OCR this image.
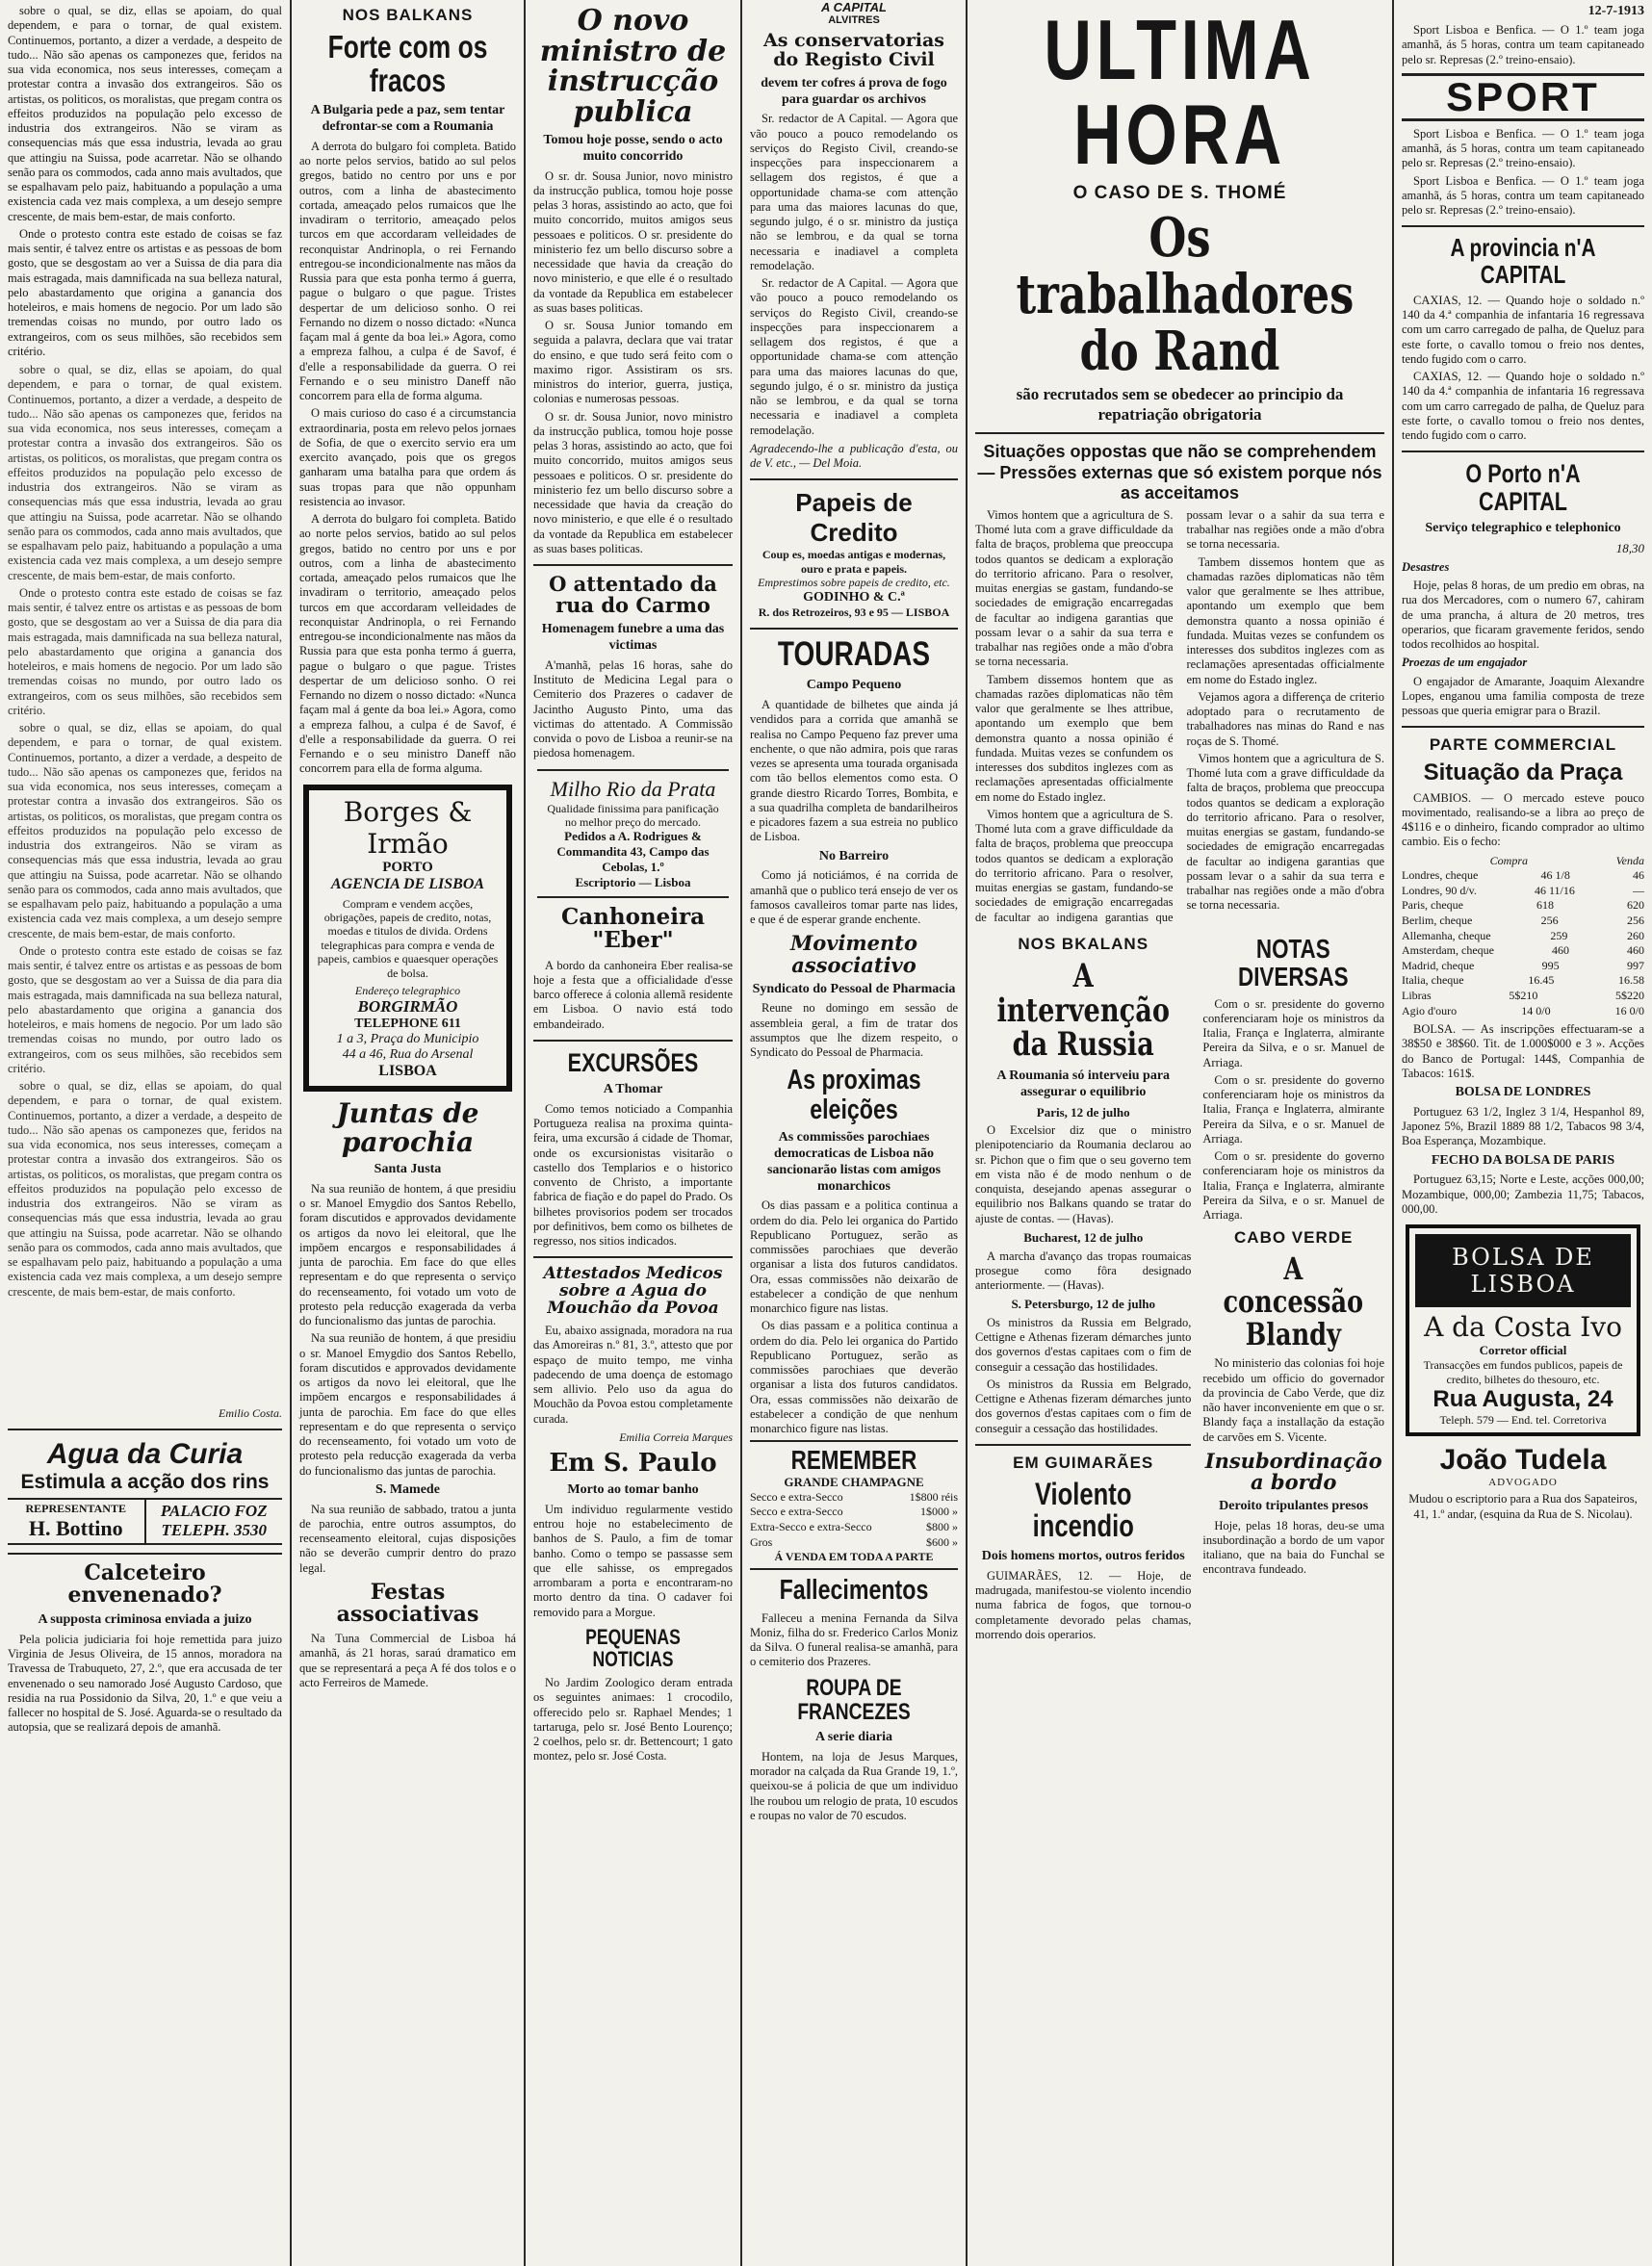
sobre o qual, se diz, ellas se apoiam, do qual dependem, e para o tornar, de qual existem. Continuemos, portanto, a dizer a verdade, a despeito de tudo... Não são apenas os camponezes que, feridos na sua vida economica, nos seus interesses, começam a protestar contra a invasão dos extrangeiros. São os artistas, os politicos, os moralistas, que pregam contra os effeitos produzidos na população pelo excesso de industria dos extrangeiros. Não se viram as consequencias más que essa industria, levada ao grau que attingiu na Suissa, pode acarretar. Não se olhando senão para os commodos, cada anno mais avultados, que se espalhavam pelo paiz, habituando a população a uma existencia cada vez mais complexa, a um desejo sempre crescente, de mais bem-estar, de mais conforto.

Onde o protesto contra este estado de coisas se faz mais sentir, é talvez entre os artistas e as pessoas de bom gosto, que se desgostam ao ver a Suissa de dia para dia mais estragada, mais damnificada na sua belleza natural, pelo abastardamento que origina a ganancia dos hoteleiros, e mais homens de negocio. Por um lado são tremendas coisas no mundo, por outro lado os extrangeiros, com os seus milhões, são recebidos sem critério.

sobre o qual, se diz, ellas se apoiam, do qual dependem, e para o tornar, de qual existem. Continuemos, portanto, a dizer a verdade, a despeito de tudo... Não são apenas os camponezes que, feridos na sua vida economica, nos seus interesses, começam a protestar contra a invasão dos extrangeiros. São os artistas, os politicos, os moralistas, que pregam contra os effeitos produzidos na população pelo excesso de industria dos extrangeiros. Não se viram as consequencias más que essa industria, levada ao grau que attingiu na Suissa, pode acarretar. Não se olhando senão para os commodos, cada anno mais avultados, que se espalhavam pelo paiz, habituando a população a uma existencia cada vez mais complexa, a um desejo sempre crescente, de mais bem-estar, de mais conforto.

Onde o protesto contra este estado de coisas se faz mais sentir, é talvez entre os artistas e as pessoas de bom gosto, que se desgostam ao ver a Suissa de dia para dia mais estragada, mais damnificada na sua belleza natural, pelo abastardamento que origina a ganancia dos hoteleiros, e mais homens de negocio. Por um lado são tremendas coisas no mundo, por outro lado os extrangeiros, com os seus milhões, são recebidos sem critério.

sobre o qual, se diz, ellas se apoiam, do qual dependem, e para o tornar, de qual existem. Continuemos, portanto, a dizer a verdade, a despeito de tudo... Não são apenas os camponezes que, feridos na sua vida economica, nos seus interesses, começam a protestar contra a invasão dos extrangeiros. São os artistas, os politicos, os moralistas, que pregam contra os effeitos produzidos na população pelo excesso de industria dos extrangeiros. Não se viram as consequencias más que essa industria, levada ao grau que attingiu na Suissa, pode acarretar. Não se olhando senão para os commodos, cada anno mais avultados, que se espalhavam pelo paiz, habituando a população a uma existencia cada vez mais complexa, a um desejo sempre crescente, de mais bem-estar, de mais conforto.

Onde o protesto contra este estado de coisas se faz mais sentir, é talvez entre os artistas e as pessoas de bom gosto, que se desgostam ao ver a Suissa de dia para dia mais estragada, mais damnificada na sua belleza natural, pelo abastardamento que origina a ganancia dos hoteleiros, e mais homens de negocio. Por um lado são tremendas coisas no mundo, por outro lado os extrangeiros, com os seus milhões, são recebidos sem critério.

sobre o qual, se diz, ellas se apoiam, do qual dependem, e para o tornar, de qual existem. Continuemos, portanto, a dizer a verdade, a despeito de tudo... Não são apenas os camponezes que, feridos na sua vida economica, nos seus interesses, começam a protestar contra a invasão dos extrangeiros. São os artistas, os politicos, os moralistas, que pregam contra os effeitos produzidos na população pelo excesso de industria dos extrangeiros. Não se viram as consequencias más que essa industria, levada ao grau que attingiu na Suissa, pode acarretar. Não se olhando senão para os commodos, cada anno mais avultados, que se espalhavam pelo paiz, habituando a população a uma existencia cada vez mais complexa, a um desejo sempre crescente, de mais bem-estar, de mais conforto.

Emilio Costa.
Agua da Curia
Estimula a acção dos rins
REPRESENTANTE
H. Bottino
PALACIO FOZ
TELEPH. 3530
Calceteiro envenenado?
A supposta criminosa enviada a juizo

Pela policia judiciaria foi hoje remettida para juizo Virginia de Jesus Oliveira, de 15 annos, moradora na Travessa de Trabuqueto, 27, 2.º, que era accusada de ter envenenado o seu namorado José Augusto Cardoso, que residia na rua Possidonio da Silva, 20, 1.º e que veiu a fallecer no hospital de S. José. Aguarda-se o resultado da autopsia, que se realizará depois de amanhã.

NOS BALKANS
Forte com os fracos
A Bulgaria pede a paz, sem tentar defrontar-se com a Roumania

A derrota do bulgaro foi completa. Batido ao norte pelos servios, batido ao sul pelos gregos, batido no centro por uns e por outros, com a linha de abastecimento cortada, ameaçado pelos rumaicos que lhe invadiram o territorio, ameaçado pelos turcos em que accordaram velleidades de reconquistar Andrinopla, o rei Fernando entregou-se incondicionalmente nas mãos da Russia para que esta ponha termo á guerra, pague o bulgaro o que pague. Tristes despertar de um delicioso sonho. O rei Fernando no dizem o nosso dictado: «Nunca façam mal á gente da boa lei.» Agora, como a empreza falhou, a culpa é de Savof, é d'elle a responsabilidade da guerra. O rei Fernando e o seu ministro Daneff não concorrem para ella de forma alguma.

O mais curioso do caso é a circumstancia extraordinaria, posta em relevo pelos jornaes de Sofia, de que o exercito servio era um exercito avançado, pois que os gregos ganharam uma batalha para que ordem ás suas tropas para que não oppunham resistencia ao invasor.

A derrota do bulgaro foi completa. Batido ao norte pelos servios, batido ao sul pelos gregos, batido no centro por uns e por outros, com a linha de abastecimento cortada, ameaçado pelos rumaicos que lhe invadiram o territorio, ameaçado pelos turcos em que accordaram velleidades de reconquistar Andrinopla, o rei Fernando entregou-se incondicionalmente nas mãos da Russia para que esta ponha termo á guerra, pague o bulgaro o que pague. Tristes despertar de um delicioso sonho. O rei Fernando no dizem o nosso dictado: «Nunca façam mal á gente da boa lei.» Agora, como a empreza falhou, a culpa é de Savof, é d'elle a responsabilidade da guerra. O rei Fernando e o seu ministro Daneff não concorrem para ella de forma alguma.

Borges & Irmão
PORTO
AGENCIA DE LISBOA
Compram e vendem acções, obrigações, papeis de credito, notas, moedas e titulos de divida. Ordens telegraphicas para compra e venda de papeis, cambios e quaesquer operações de bolsa.
Endereço telegraphico
BORGIRMÃO
TELEPHONE 611
1 a 3, Praça do Municipio
44 a 46, Rua do Arsenal
LISBOA
Juntas de parochia
Santa Justa

Na sua reunião de hontem, á que presidiu o sr. Manoel Emygdio dos Santos Rebello, foram discutidos e approvados devidamente os artigos da novo lei eleitoral, que lhe impõem encargos e responsabilidades á junta de parochia. Em face do que elles representam e do que representa o serviço do recenseamento, foi votado um voto de protesto pela reducção exagerada da verba do funcionalismo das juntas de parochia.

Na sua reunião de hontem, á que presidiu o sr. Manoel Emygdio dos Santos Rebello, foram discutidos e approvados devidamente os artigos da novo lei eleitoral, que lhe impõem encargos e responsabilidades á junta de parochia. Em face do que elles representam e do que representa o serviço do recenseamento, foi votado um voto de protesto pela reducção exagerada da verba do funcionalismo das juntas de parochia.

S. Mamede

Na sua reunião de sabbado, tratou a junta de parochia, entre outros assumptos, do recenseamento eleitoral, cujas disposições não se deverão cumprir dentro do prazo legal.

Festas associativas

Na Tuna Commercial de Lisboa há amanhã, ás 21 horas, saraú dramatico em que se representará a peça A fé dos tolos e o acto Ferreiros de Mamede.

O novo ministro de instrucção publica
Tomou hoje posse, sendo o acto muito concorrido

O sr. dr. Sousa Junior, novo ministro da instrucção publica, tomou hoje posse pelas 3 horas, assistindo ao acto, que foi muito concorrido, muitos amigos seus pessoaes e politicos. O sr. presidente do ministerio fez um bello discurso sobre a necessidade que havia da creação do novo ministerio, e que elle é o resultado da vontade da Republica em estabelecer as suas bases politicas.

O sr. Sousa Junior tomando em seguida a palavra, declara que vai tratar do ensino, e que tudo será feito com o maximo rigor. Assistiram os srs. ministros do interior, guerra, justiça, colonias e numerosas pessoas.

O sr. dr. Sousa Junior, novo ministro da instrucção publica, tomou hoje posse pelas 3 horas, assistindo ao acto, que foi muito concorrido, muitos amigos seus pessoaes e politicos. O sr. presidente do ministerio fez um bello discurso sobre a necessidade que havia da creação do novo ministerio, e que elle é o resultado da vontade da Republica em estabelecer as suas bases politicas.

O attentado da rua do Carmo
Homenagem funebre a uma das victimas

A'manhã, pelas 16 horas, sahe do Instituto de Medicina Legal para o Cemiterio dos Prazeres o cadaver de Jacintho Augusto Pinto, uma das victimas do attentado. A Commissão convida o povo de Lisboa a reunir-se na piedosa homenagem.

Milho Rio da Prata
Qualidade finissima para panificação no melhor preço do mercado.
Pedidos a A. Rodrigues & Commandita 43, Campo das Cebolas, 1.º
Escriptorio — Lisboa
Canhoneira "Eber"

A bordo da canhoneira Eber realisa-se hoje a festa que a officialidade d'esse barco offerece á colonia allemã residente em Lisboa. O navio está todo embandeirado.

EXCURSÕES
A Thomar

Como temos noticiado a Companhia Portugueza realisa na proxima quinta-feira, uma excursão á cidade de Thomar, onde os excursionistas visitarão o castello dos Templarios e o historico convento de Christo, a importante fabrica de fiação e do papel do Prado. Os bilhetes provisorios podem ser trocados por definitivos, bem como os bilhetes de regresso, nos sitios indicados.

Attestados Medicos sobre a Agua do Mouchão da Povoa

Eu, abaixo assignada, moradora na rua das Amoreiras n.º 81, 3.º, attesto que por espaço de muito tempo, me vinha padecendo de uma doença de estomago sem allivio. Pelo uso da agua do Mouchão da Povoa estou completamente curada.

Emilia Correia Marques
Em S. Paulo
Morto ao tomar banho

Um individuo regularmente vestido entrou hoje no estabelecimento de banhos de S. Paulo, a fim de tomar banho. Como o tempo se passasse sem que elle sahisse, os empregados arrombaram a porta e encontraram-no morto dentro da tina. O cadaver foi removido para a Morgue.

PEQUENAS NOTICIAS

No Jardim Zoologico deram entrada os seguintes animaes: 1 crocodilo, offerecido pelo sr. Raphael Mendes; 1 tartaruga, pelo sr. José Bento Lourenço; 2 coelhos, pelo sr. dr. Bettencourt; 1 gato montez, pelo sr. José Costa.

A CAPITAL
ALVITRES
As conservatorias do Registo Civil
devem ter cofres á prova de fogo para guardar os archivos

Sr. redactor de A Capital. — Agora que vão pouco a pouco remodelando os serviços do Registo Civil, creando-se inspecções para inspeccionarem a sellagem dos registos, é que a opportunidade chama-se com attenção para uma das maiores lacunas do que, segundo julgo, é o sr. ministro da justiça não se lembrou, e da qual se torna necessaria e inadiavel a completa remodelação.

Sr. redactor de A Capital. — Agora que vão pouco a pouco remodelando os serviços do Registo Civil, creando-se inspecções para inspeccionarem a sellagem dos registos, é que a opportunidade chama-se com attenção para uma das maiores lacunas do que, segundo julgo, é o sr. ministro da justiça não se lembrou, e da qual se torna necessaria e inadiavel a completa remodelação.

Agradecendo-lhe a publicação d'esta, ou de V. etc., — Del Moia.
Papeis de Credito
Coup es, moedas antigas e modernas, ouro e prata e papeis.
Emprestimos sobre papeis de credito, etc.
GODINHO & C.ª
R. dos Retrozeiros, 93 e 95 — LISBOA
TOURADAS
Campo Pequeno

A quantidade de bilhetes que ainda já vendidos para a corrida que amanhã se realisa no Campo Pequeno faz prever uma enchente, o que não admira, pois que raras vezes se apresenta uma tourada organisada com tão bellos elementos como esta. O grande diestro Ricardo Torres, Bombita, e a sua quadrilha completa de bandarilheiros e picadores fazem a sua estreia no publico de Lisboa.

No Barreiro

Como já noticiámos, é na corrida de amanhã que o publico terá ensejo de ver os famosos cavalleiros tomar parte nas lides, e que é de esperar grande enchente.

Movimento associativo
Syndicato do Pessoal de Pharmacia

Reune no domingo em sessão de assembleia geral, a fim de tratar dos assumptos que lhe dizem respeito, o Syndicato do Pessoal de Pharmacia.

As proximas eleições
As commissões parochiaes democraticas de Lisboa não sancionarão listas com amigos monarchicos

Os dias passam e a politica continua a ordem do dia. Pelo lei organica do Partido Republicano Portuguez, serão as commissões parochiaes que deverão organisar a lista dos futuros candidatos. Ora, essas commissões não deixarão de estabelecer a condição de que nenhum monarchico figure nas listas.

Os dias passam e a politica continua a ordem do dia. Pelo lei organica do Partido Republicano Portuguez, serão as commissões parochiaes que deverão organisar a lista dos futuros candidatos. Ora, essas commissões não deixarão de estabelecer a condição de que nenhum monarchico figure nas listas.

REMEMBER
GRANDE CHAMPAGNE
Secco e extra-Secco	1$800 réis
Secco e extra-Secco	1$000 »
Extra-Secco e extra-Secco	$800 »
Gros	$600 »
Á VENDA EM TODA A PARTE
Fallecimentos

Falleceu a menina Fernanda da Silva Moniz, filha do sr. Frederico Carlos Moniz da Silva. O funeral realisa-se amanhã, para o cemiterio dos Prazeres.

ROUPA DE FRANCEZES
A serie diaria

Hontem, na loja de Jesus Marques, morador na calçada da Rua Grande 19, 1.º, queixou-se á policia de que um individuo lhe roubou um relogio de prata, 10 escudos e roupas no valor de 70 escudos.

ULTIMA HORA
O CASO DE S. THOMÉ
Os trabalhadores do Rand
são recrutados sem se obedecer ao principio da repatriação obrigatoria
Situações oppostas que não se comprehendem — Pressões externas que só existem porque nós as acceitamos

Vimos hontem que a agricultura de S. Thomé luta com a grave difficuldade da falta de braços, problema que preoccupa todos quantos se dedicam a exploração do territorio africano. Para o resolver, muitas energias se gastam, fundando-se sociedades de emigração encarregadas de facultar ao indigena garantias que possam levar o a sahir da sua terra e trabalhar nas regiões onde a mão d'obra se torna necessaria.

Tambem dissemos hontem que as chamadas razões diplomaticas não têm valor que geralmente se lhes attribue, apontando um exemplo que bem demonstra quanto a nossa opinião é fundada. Muitas vezes se confundem os interesses dos subditos inglezes com as reclamações apresentadas officialmente em nome do Estado inglez.

Vimos hontem que a agricultura de S. Thomé luta com a grave difficuldade da falta de braços, problema que preoccupa todos quantos se dedicam a exploração do territorio africano. Para o resolver, muitas energias se gastam, fundando-se sociedades de emigração encarregadas de facultar ao indigena garantias que possam levar o a sahir da sua terra e trabalhar nas regiões onde a mão d'obra se torna necessaria.

Tambem dissemos hontem que as chamadas razões diplomaticas não têm valor que geralmente se lhes attribue, apontando um exemplo que bem demonstra quanto a nossa opinião é fundada. Muitas vezes se confundem os interesses dos subditos inglezes com as reclamações apresentadas officialmente em nome do Estado inglez.

Vejamos agora a differença de criterio adoptado para o recrutamento de trabalhadores nas minas do Rand e nas roças de S. Thomé.

Vimos hontem que a agricultura de S. Thomé luta com a grave difficuldade da falta de braços, problema que preoccupa todos quantos se dedicam a exploração do territorio africano. Para o resolver, muitas energias se gastam, fundando-se sociedades de emigração encarregadas de facultar ao indigena garantias que possam levar o a sahir da sua terra e trabalhar nas regiões onde a mão d'obra se torna necessaria.

NOS BKALANS
A intervenção da Russia
A Roumania só interveiu para assegurar o equilibrio
Paris, 12 de julho

O Excelsior diz que o ministro plenipotenciario da Roumania declarou ao sr. Pichon que o fim que o seu governo tem em vista não é de modo nenhum o de conquista, desejando apenas assegurar o equilibrio nos Balkans quando se tratar do ajuste de contas. — (Havas).

Bucharest, 12 de julho

A marcha d'avanço das tropas roumaicas prosegue como fôra designado anteriormente. — (Havas).

S. Petersburgo, 12 de julho

Os ministros da Russia em Belgrado, Cettigne e Athenas fizeram démarches junto dos governos d'estas capitaes com o fim de conseguir a cessação das hostilidades.

Os ministros da Russia em Belgrado, Cettigne e Athenas fizeram démarches junto dos governos d'estas capitaes com o fim de conseguir a cessação das hostilidades.

EM GUIMARÃES
Violento incendio
Dois homens mortos, outros feridos

GUIMARÃES, 12. — Hoje, de madrugada, manifestou-se violento incendio numa fabrica de fogos, que tornou-o completamente devorado pelas chamas, morrendo dois operarios.

NOTAS DIVERSAS

Com o sr. presidente do governo conferenciaram hoje os ministros da Italia, França e Inglaterra, almirante Pereira da Silva, e o sr. Manuel de Arriaga.

Com o sr. presidente do governo conferenciaram hoje os ministros da Italia, França e Inglaterra, almirante Pereira da Silva, e o sr. Manuel de Arriaga.

Com o sr. presidente do governo conferenciaram hoje os ministros da Italia, França e Inglaterra, almirante Pereira da Silva, e o sr. Manuel de Arriaga.

CABO VERDE
A concessão Blandy

No ministerio das colonias foi hoje recebido um officio do governador da provincia de Cabo Verde, que diz não haver inconveniente em que o sr. Blandy faça a installação da estação de carvões em S. Vicente.

Insubordinação a bordo
Deroito tripulantes presos

Hoje, pelas 18 horas, deu-se uma insubordinação a bordo de um vapor italiano, que na baia do Funchal se encontrava fundeado.

12-7-1913

Sport Lisboa e Benfica. — O 1.º team joga amanhã, ás 5 horas, contra um team capitaneado pelo sr. Represas (2.º treino-ensaio).

SPORT

Sport Lisboa e Benfica. — O 1.º team joga amanhã, ás 5 horas, contra um team capitaneado pelo sr. Represas (2.º treino-ensaio).

Sport Lisboa e Benfica. — O 1.º team joga amanhã, ás 5 horas, contra um team capitaneado pelo sr. Represas (2.º treino-ensaio).

A provincia n'A CAPITAL

CAXIAS, 12. — Quando hoje o soldado n.º 140 da 4.ª companhia de infantaria 16 regressava com um carro carregado de palha, de Queluz para este forte, o cavallo tomou o freio nos dentes, tendo fugido com o carro.

CAXIAS, 12. — Quando hoje o soldado n.º 140 da 4.ª companhia de infantaria 16 regressava com um carro carregado de palha, de Queluz para este forte, o cavallo tomou o freio nos dentes, tendo fugido com o carro.

O Porto n'A CAPITAL
Serviço telegraphico e telephonico
18,30
Desastres

Hoje, pelas 8 horas, de um predio em obras, na rua dos Mercadores, com o numero 67, cahiram de uma prancha, á altura de 20 metros, tres operarios, que ficaram gravemente feridos, sendo todos recolhidos ao hospital.

Proezas de um engajador

O engajador de Amarante, Joaquim Alexandre Lopes, enganou uma familia composta de treze pessoas que queria emigrar para o Brazil.

PARTE COMMERCIAL
Situação da Praça

CAMBIOS. — O mercado esteve pouco movimentado, realisando-se a libra ao preço de 4$116 e o dinheiro, ficando comprador ao ultimo cambio. Eis o fecho:

Compra	Venda
Londres, cheque	46 1/8	46
Londres, 90 d/v.	46 11/16	—
Paris, cheque	618	620
Berlim, cheque	256	256
Allemanha, cheque	259	260
Amsterdam, cheque	460	460
Madrid, cheque	995	997
Italia, cheque	16.45	16.58
Libras	5$210	5$220
Agio d'ouro	14 0/0	16 0/0

BOLSA. — As inscripções effectuaram-se a 38$50 e 38$60. Tit. de 1.000$000 e 3 ». Acções do Banco de Portugal: 144$, Companhia de Tabacos: 161$.

BOLSA DE LONDRES

Portuguez 63 1/2, Inglez 3 1/4, Hespanhol 89, Japonez 5%, Brazil 1889 88 1/2, Tabacos 98 3/4, Boa Esperança, Mozambique.

FECHO DA BOLSA DE PARIS

Portuguez 63,15; Norte e Leste, acções 000,00; Mozambique, 000,00; Zambezia 11,75; Tabacos, 000,00.

BOLSA DE LISBOA
A da Costa Ivo
Corretor official
Transacções em fundos publicos, papeis de credito, bilhetes do thesouro, etc.
Rua Augusta, 24
Teleph. 579 — End. tel. Corretoriva
João Tudela
ADVOGADO
Mudou o escriptorio para a Rua dos Sapateiros, 41, 1.º andar, (esquina da Rua de S. Nicolau).
